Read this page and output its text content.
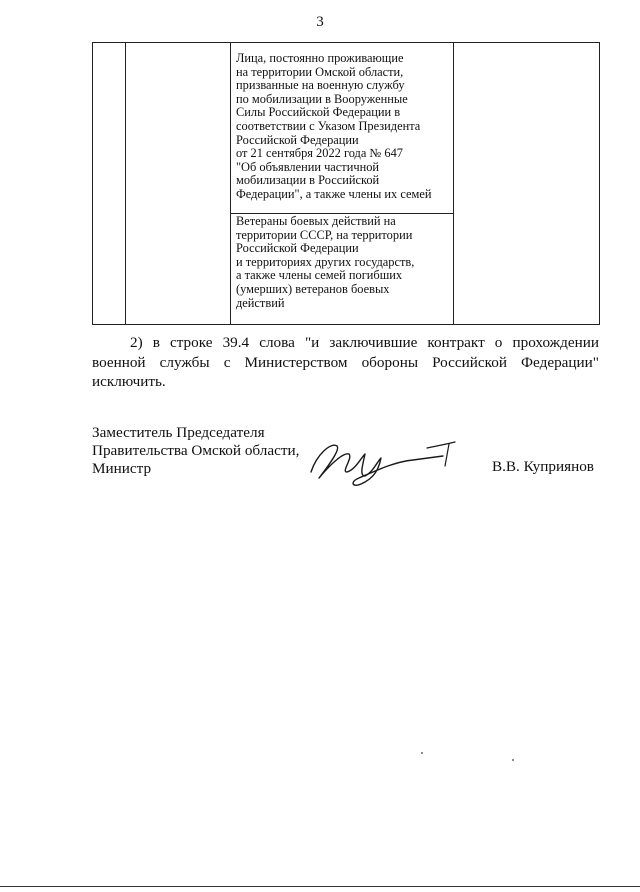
3

Лица, постоянно проживающие
на территории Омской области,
призванные на военную службу
по мобилизации в Вооруженные
Силы Российской Федерации в
соответствии с Указом Президента
Российской Федерации
от 21 сентября 2022 года № 647
"Об объявлении частичной
мобилизации в Российской
Федерации", а также члены их семей

Ветераны боевых действий на
территории СССР, на территории
Российской Федерации
и территориях других государств,
а также члены семей погибших
(умерших) ветеранов боевых
действий
2) в строке 39.4 слова "и заключившие контракт о прохождении военной службы с Министерством обороны Российской Федерации" исключить.
Заместитель Председателя
Правительства Омской области,
Министр	В.В. Куприянов
